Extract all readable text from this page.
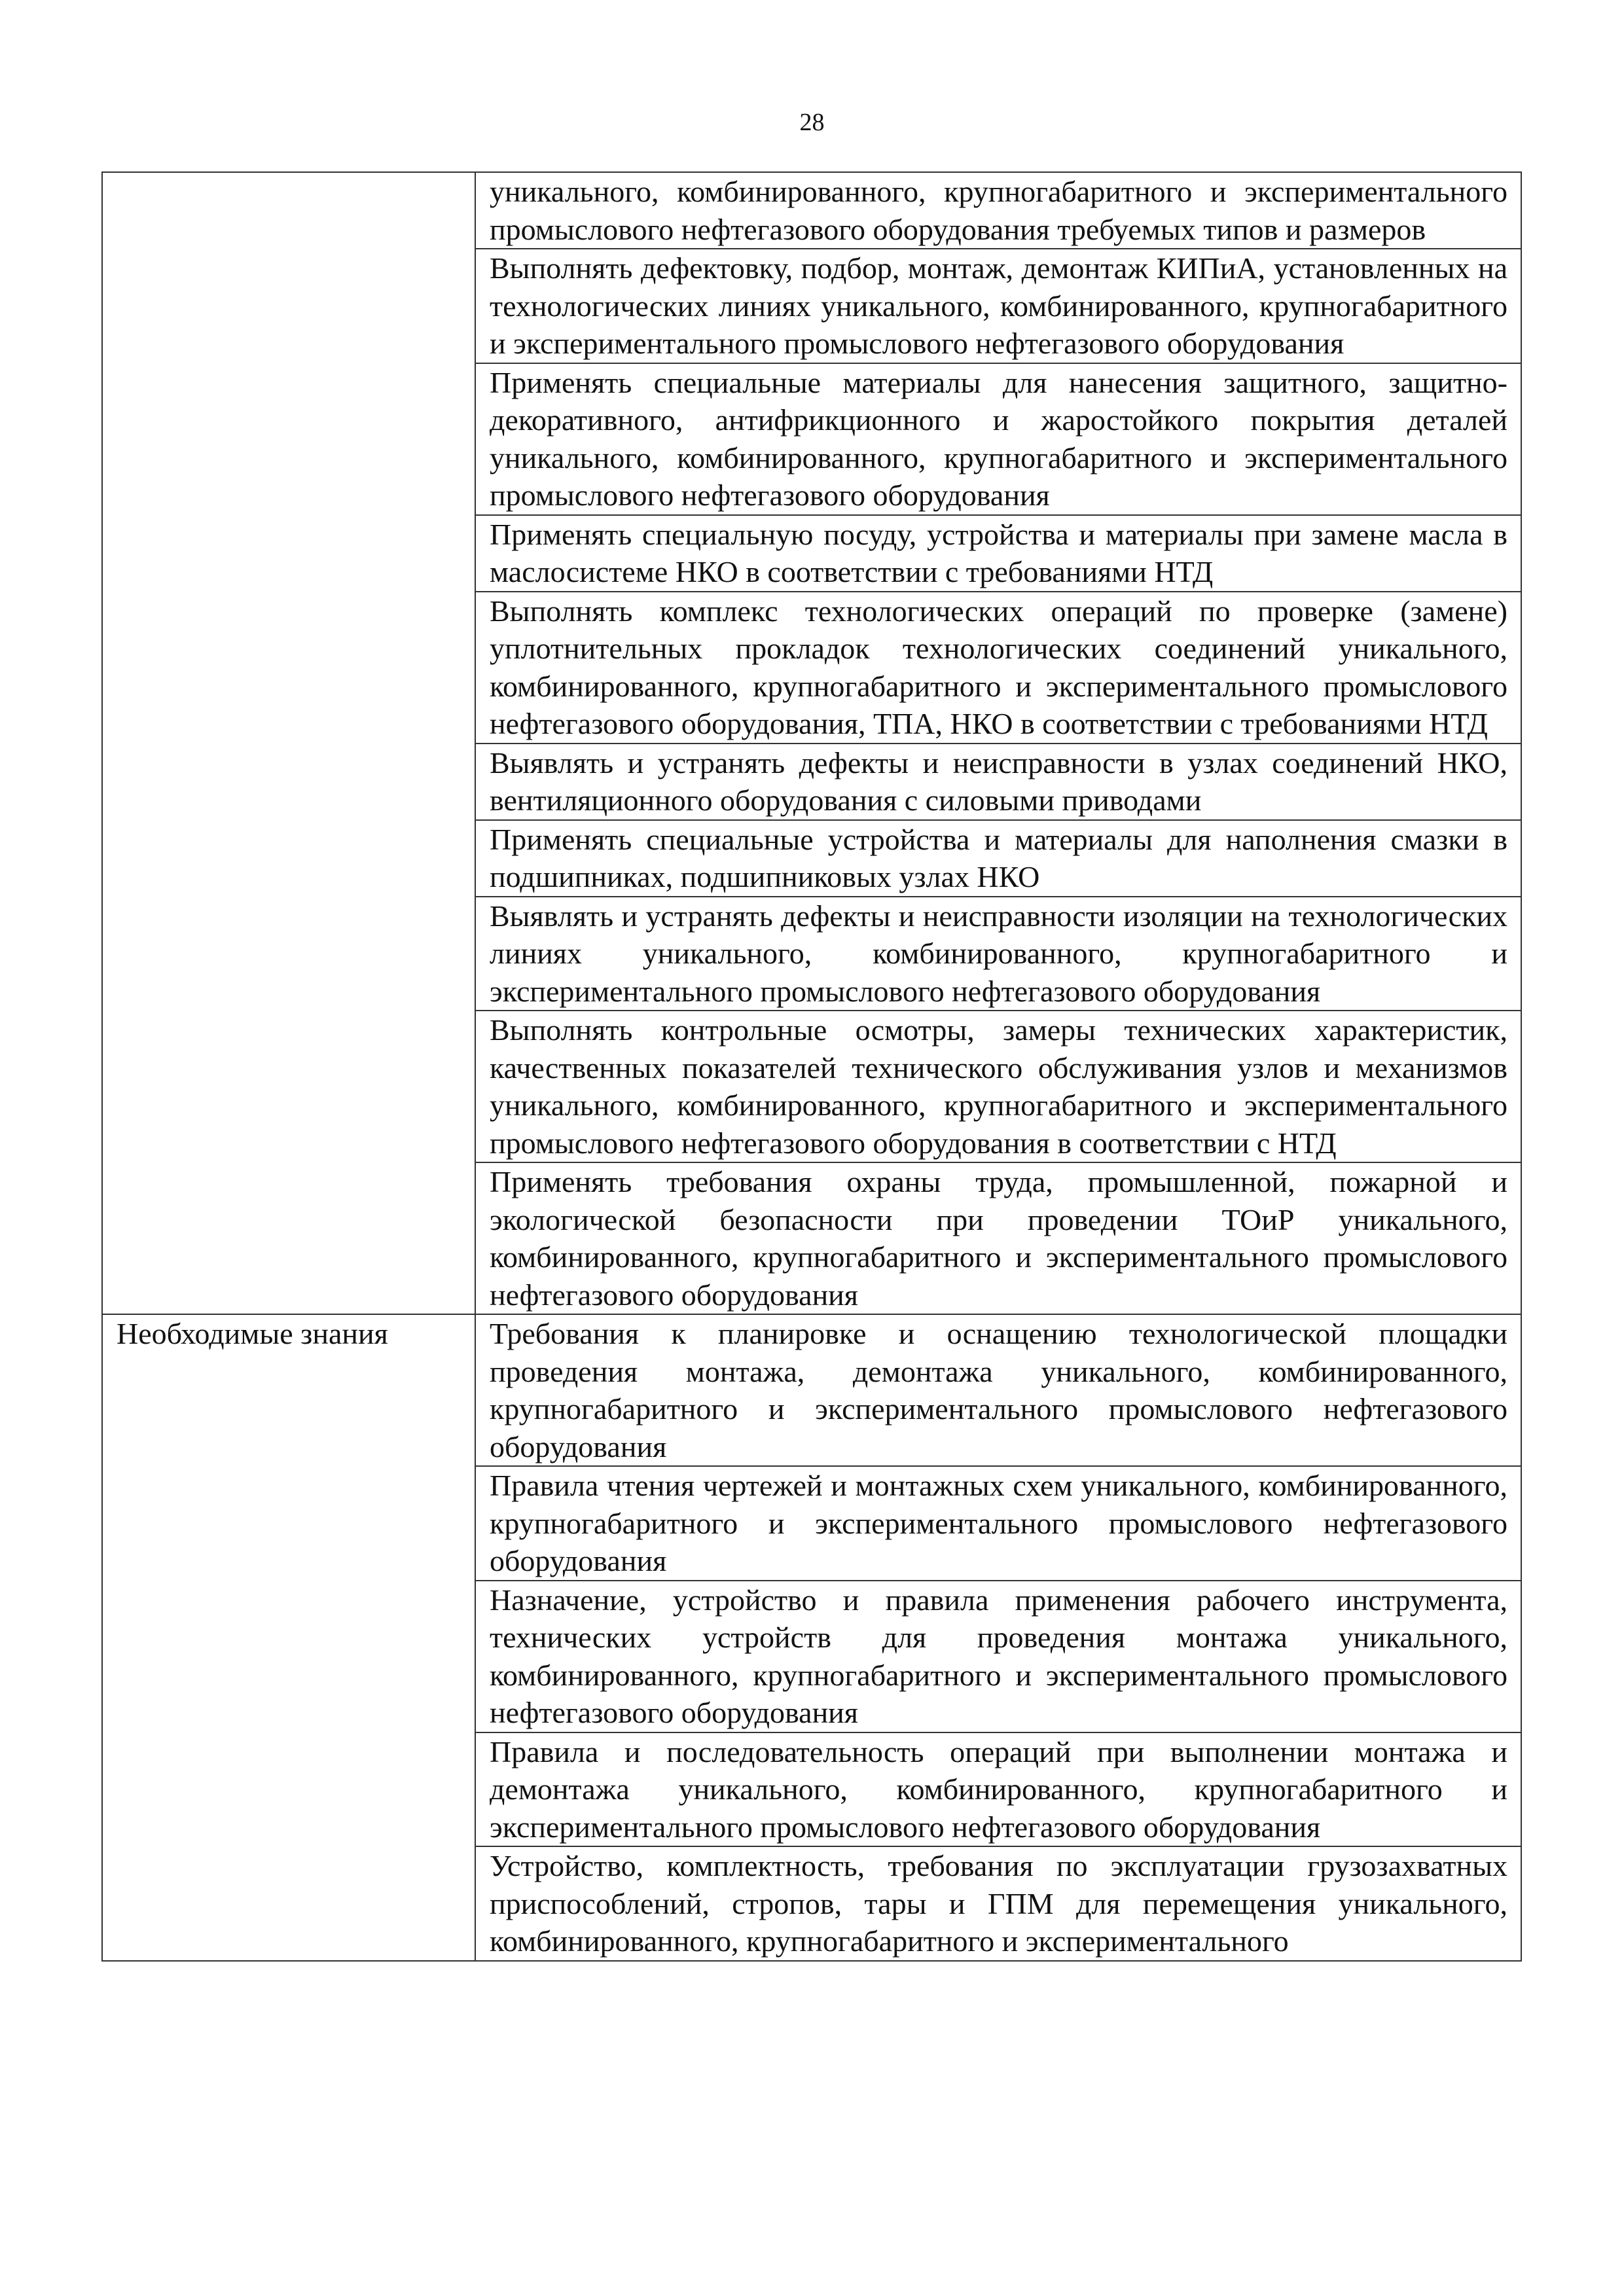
28
	уникального, комбинированного, крупногабаритного и экспериментального промыслового нефтегазового оборудования требуемых типов и размеров
	Выполнять дефектовку, подбор, монтаж, демонтаж КИПиА, установленных на технологических линиях уникального, комбинированного, крупногабаритного и экспериментального промыслового нефтегазового оборудования
	Применять специальные материалы для нанесения защитного, защитно-декоративного, антифрикционного и жаростойкого покрытия деталей уникального, комбинированного, крупногабаритного и экспериментального промыслового нефтегазового оборудования
	Применять специальную посуду, устройства и материалы при замене масла в маслосистеме НКО в соответствии с требованиями НТД
	Выполнять комплекс технологических операций по проверке (замене) уплотнительных прокладок технологических соединений уникального, комбинированного, крупногабаритного и экспериментального промыслового нефтегазового оборудования, ТПА, НКО в соответствии с требованиями НТД
	Выявлять и устранять дефекты и неисправности в узлах соединений НКО, вентиляционного оборудования с силовыми приводами
	Применять специальные устройства и материалы для наполнения смазки в подшипниках, подшипниковых узлах НКО
	Выявлять и устранять дефекты и неисправности изоляции на технологических линиях уникального, комбинированного, крупногабаритного и экспериментального промыслового нефтегазового оборудования
	Выполнять контрольные осмотры, замеры технических характеристик, качественных показателей технического обслуживания узлов и механизмов уникального, комбинированного, крупногабаритного и экспериментального промыслового нефтегазового оборудования в соответствии с НТД
	Применять требования охраны труда, промышленной, пожарной и экологической безопасности при проведении ТОиР уникального, комбинированного, крупногабаритного и экспериментального промыслового нефтегазового оборудования
Необходимые знания	Требования к планировке и оснащению технологической площадки проведения монтажа, демонтажа уникального, комбинированного, крупногабаритного и экспериментального промыслового нефтегазового оборудования
	Правила чтения чертежей и монтажных схем уникального, комбинированного, крупногабаритного и экспериментального промыслового нефтегазового оборудования
	Назначение, устройство и правила применения рабочего инструмента, технических устройств для проведения монтажа уникального, комбинированного, крупногабаритного и экспериментального промыслового нефтегазового оборудования
	Правила и последовательность операций при выполнении монтажа и демонтажа уникального, комбинированного, крупногабаритного и экспериментального промыслового нефтегазового оборудования
	Устройство, комплектность, требования по эксплуатации грузозахватных приспособлений, стропов, тары и ГПМ для перемещения уникального, комбинированного, крупногабаритного и экспериментального
